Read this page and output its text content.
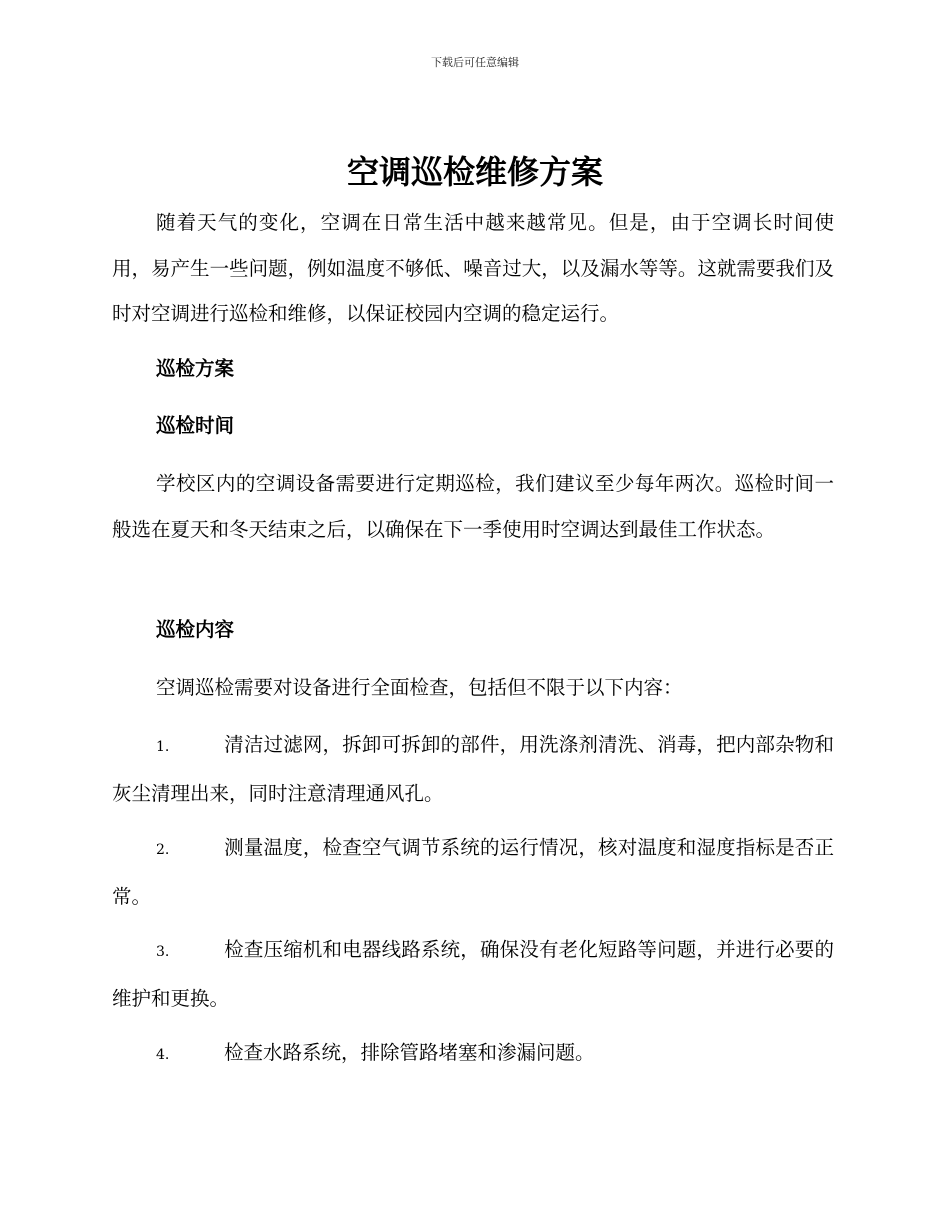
下载后可任意编辑
空调巡检维修方案

随着天气的变化，空调在日常生活中越来越常见。但是，由于空调长时间使用，易产生一些问题，例如温度不够低、噪音过大，以及漏水等等。这就需要我们及时对空调进行巡检和维修，以保证校园内空调的稳定运行。

巡检方案
巡检时间

学校区内的空调设备需要进行定期巡检，我们建议至少每年两次。巡检时间一般选在夏天和冬天结束之后，以确保在下一季使用时空调达到最佳工作状态。

巡检内容

空调巡检需要对设备进行全面检查，包括但不限于以下内容：

1.	清洁过滤网，拆卸可拆卸的部件，用洗涤剂清洗、消毒，把内部杂物和灰尘清理出来，同时注意清理通风孔。

2.	测量温度，检查空气调节系统的运行情况，核对温度和湿度指标是否正常。

3.	检查压缩机和电器线路系统，确保没有老化短路等问题，并进行必要的维护和更换。

4.	检查水路系统，排除管路堵塞和渗漏问题。
